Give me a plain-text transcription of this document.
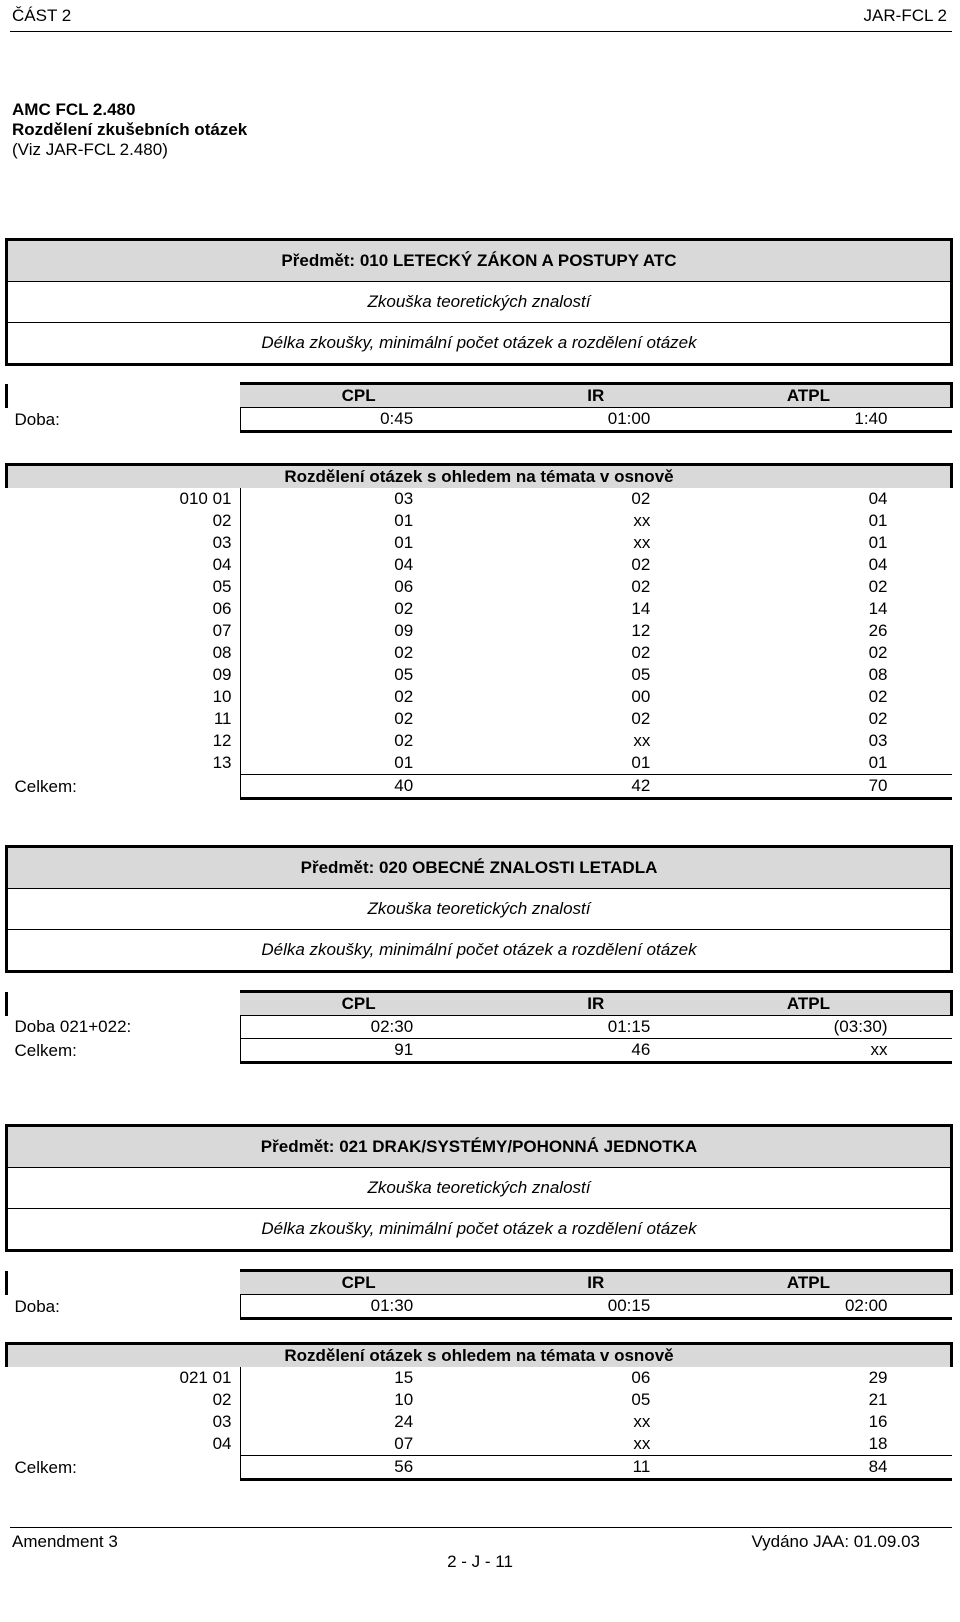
ČÁST 2	JAR-FCL 2
AMC FCL 2.480
Rozdělení zkušebních otázek
(Viz JAR-FCL 2.480)
Předmět: 010 LETECKÝ ZÁKON A POSTUPY ATC
Zkouška teoretických znalostí
Délka zkoušky, minimální počet otázek a rozdělení otázek
	CPL	IR	ATPL
Doba:	0:45	01:00	1:40

Rozdělení otázek s ohledem na témata v osnově			
010 01	03	02	04
02	01	xx	01
03	01	xx	01
04	04	02	04
05	06	02	02
06	02	14	14
07	09	12	26
08	02	02	02
09	05	05	08
10	02	00	02
11	02	02	02
12	02	xx	03
13	01	01	01
Celkem:	40	42	70
Předmět: 020 OBECNÉ ZNALOSTI LETADLA
Zkouška teoretických znalostí
Délka zkoušky, minimální počet otázek a rozdělení otázek
	CPL	IR	ATPL
Doba 021+022:	02:30	01:15	(03:30)
Celkem:	91	46	xx
Předmět: 021 DRAK/SYSTÉMY/POHONNÁ JEDNOTKA
Zkouška teoretických znalostí
Délka zkoušky, minimální počet otázek a rozdělení otázek
	CPL	IR	ATPL
Doba:	01:30	00:15	02:00

Rozdělení otázek s ohledem na témata v osnově			
021 01	15	06	29
02	10	05	21
03	24	xx	16
04	07	xx	18
Celkem:	56	11	84
Amendment 3	Vydáno JAA: 01.09.03
2 - J - 11
